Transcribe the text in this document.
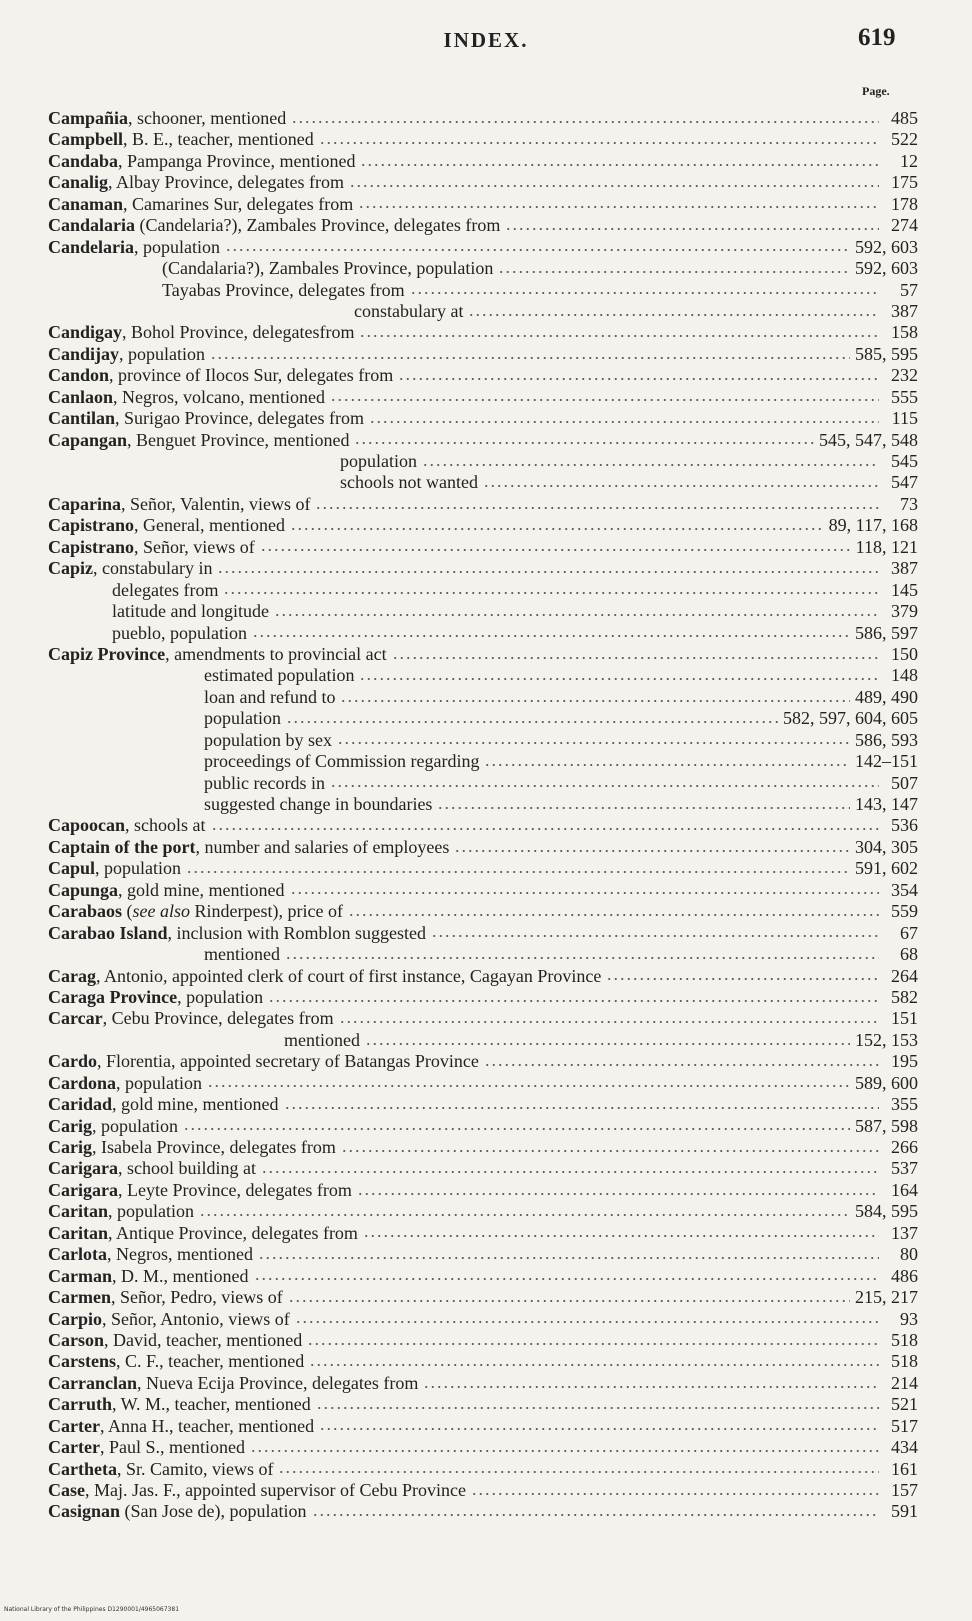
INDEX.	619
Page.
Campañia, schooner, mentioned	485
Campbell, B. E., teacher, mentioned	522
Candaba, Pampanga Province, mentioned	12
Canalig, Albay Province, delegates from	175
Canaman, Camarines Sur, delegates from	178
Candalaria (Candelaria?), Zambales Province, delegates from	274
Candelaria, population	592, 603
(Candalaria?), Zambales Province, population	592, 603
Tayabas Province, delegates from	57
constabulary at	387
Candigay, Bohol Province, delegatesfrom	158
Candijay, population	585, 595
Candon, province of Ilocos Sur, delegates from	232
Canlaon, Negros, volcano, mentioned	555
Cantilan, Surigao Province, delegates from	115
Capangan, Benguet Province, mentioned	545, 547, 548
population	545
schools not wanted	547
Caparina, Señor, Valentin, views of	73
Capistrano, General, mentioned	89, 117, 168
Capistrano, Señor, views of	118, 121
Capiz, constabulary in	387
delegates from	145
latitude and longitude	379
pueblo, population	586, 597
Capiz Province, amendments to provincial act	150
estimated population	148
loan and refund to	489, 490
population	582, 597, 604, 605
population by sex	586, 593
proceedings of Commission regarding	142–151
public records in	507
suggested change in boundaries	143, 147
Capoocan, schools at	536
Captain of the port, number and salaries of employees	304, 305
Capul, population	591, 602
Capunga, gold mine, mentioned	354
Carabaos (see also Rinderpest), price of	559
Carabao Island, inclusion with Romblon suggested	67
mentioned	68
Carag, Antonio, appointed clerk of court of first instance, Cagayan Province	264
Caraga Province, population	582
Carcar, Cebu Province, delegates from	151
mentioned	152, 153
Cardo, Florentia, appointed secretary of Batangas Province	195
Cardona, population	589, 600
Caridad, gold mine, mentioned	355
Carig, population	587, 598
Carig, Isabela Province, delegates from	266
Carigara, school building at	537
Carigara, Leyte Province, delegates from	164
Caritan, population	584, 595
Caritan, Antique Province, delegates from	137
Carlota, Negros, mentioned	80
Carman, D. M., mentioned	486
Carmen, Señor, Pedro, views of	215, 217
Carpio, Señor, Antonio, views of	93
Carson, David, teacher, mentioned	518
Carstens, C. F., teacher, mentioned	518
Carranclan, Nueva Ecija Province, delegates from	214
Carruth, W. M., teacher, mentioned	521
Carter, Anna H., teacher, mentioned	517
Carter, Paul S., mentioned	434
Cartheta, Sr. Camito, views of	161
Case, Maj. Jas. F., appointed supervisor of Cebu Province	157
Casignan (San Jose de), population	591
National Library of the Philippines D1290001/4965067381
